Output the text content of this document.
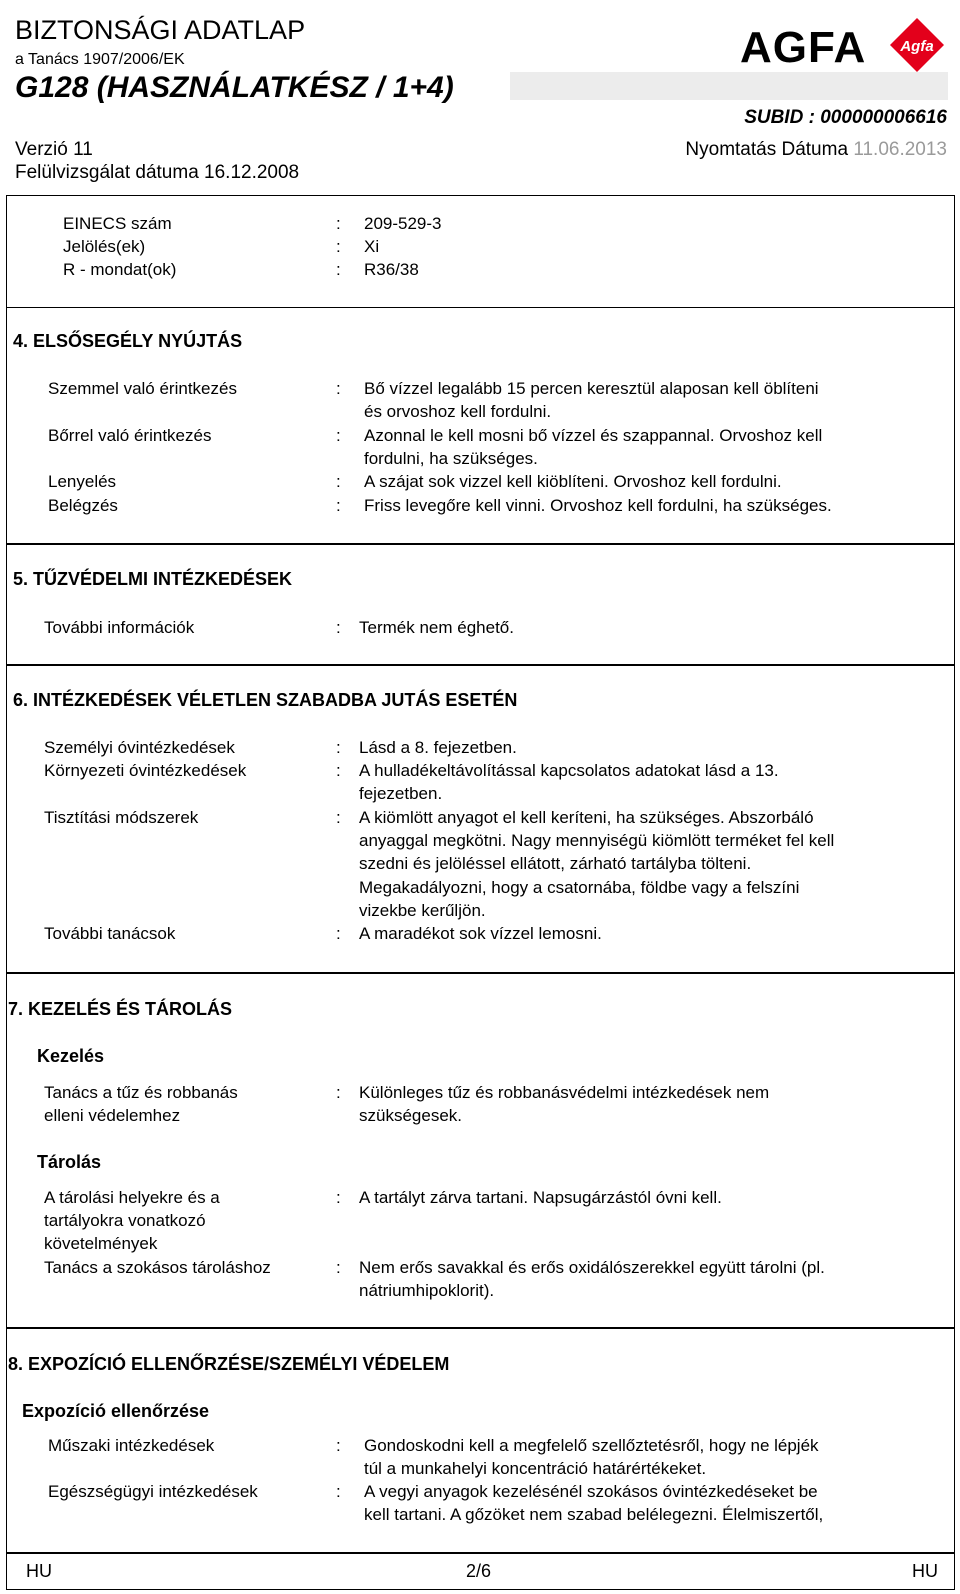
BIZTONSÁGI ADATLAP
a Tanács 1907/2006/EK
G128 (HASZNÁLATKÉSZ / 1+4)
SUBID : 000000006616
Verzió 11
Felülvizsgálat dátuma 16.12.2008
Nyomtatás Dátuma 11.06.2013
AGFA Agfa
EINECS szám	: 209-529-3
Jelölés(ek)	: Xi
R - mondat(ok)	: R36/38
4. ELSŐSEGÉLY NYÚJTÁS
Szemmel való érintkezés	: Bő vízzel legalább 15 percen keresztül alaposan kell öblíteni
és orvoshoz kell fordulni.
Bőrrel való érintkezés	: Azonnal le kell mosni bő vízzel és szappannal. Orvoshoz kell
fordulni, ha szükséges.
Lenyelés	: A szájat sok vizzel kell kiöblíteni. Orvoshoz kell fordulni.
Belégzés	: Friss levegőre kell vinni. Orvoshoz kell fordulni, ha szükséges.
5. TŰZVÉDELMI INTÉZKEDÉSEK
További információk	: Termék nem éghető.
6. INTÉZKEDÉSEK VÉLETLEN SZABADBA JUTÁS ESETÉN
Személyi óvintézkedések	: Lásd a 8. fejezetben.
Környezeti óvintézkedések	: A hulladékeltávolítással kapcsolatos adatokat lásd a 13.
fejezetben.
Tisztítási módszerek	: A kiömlött anyagot el kell keríteni, ha szükséges. Abszorbáló
anyaggal megkötni. Nagy mennyiségü kiömlött terméket fel kell
szedni és jelöléssel ellátott, zárható tartályba tölteni.
Megakadályozni, hogy a csatornába, földbe vagy a felszíni
vizekbe kerűljön.
További tanácsok	: A maradékot sok vízzel lemosni.
7. KEZELÉS ÉS TÁROLÁS
Kezelés
Tanács a tűz és robbanás
elleni védelemhez
: Különleges tűz és robbanásvédelmi intézkedések nem
szükségesek.
Tárolás
A tárolási helyekre és a
tartályokra vonatkozó
követelmények
: A tartályt zárva tartani. Napsugárzástól óvni kell.
Tanács a szokásos tároláshoz	: Nem erős savakkal és erős oxidálószerekkel együtt tárolni (pl.
nátriumhipoklorit).
8. EXPOZÍCIÓ ELLENŐRZÉSE/SZEMÉLYI VÉDELEM
Expozíció ellenőrzése
Műszaki intézkedések	: Gondoskodni kell a megfelelő szellőztetésről, hogy ne lépjék
túl a munkahelyi koncentráció határértékeket.
Egészségügyi intézkedések	: A vegyi anyagok kezelésénél szokásos óvintézkedéseket be
kell tartani. A gőzöket nem szabad belélegezni. Élelmiszertől,
HU	2/6	HU
